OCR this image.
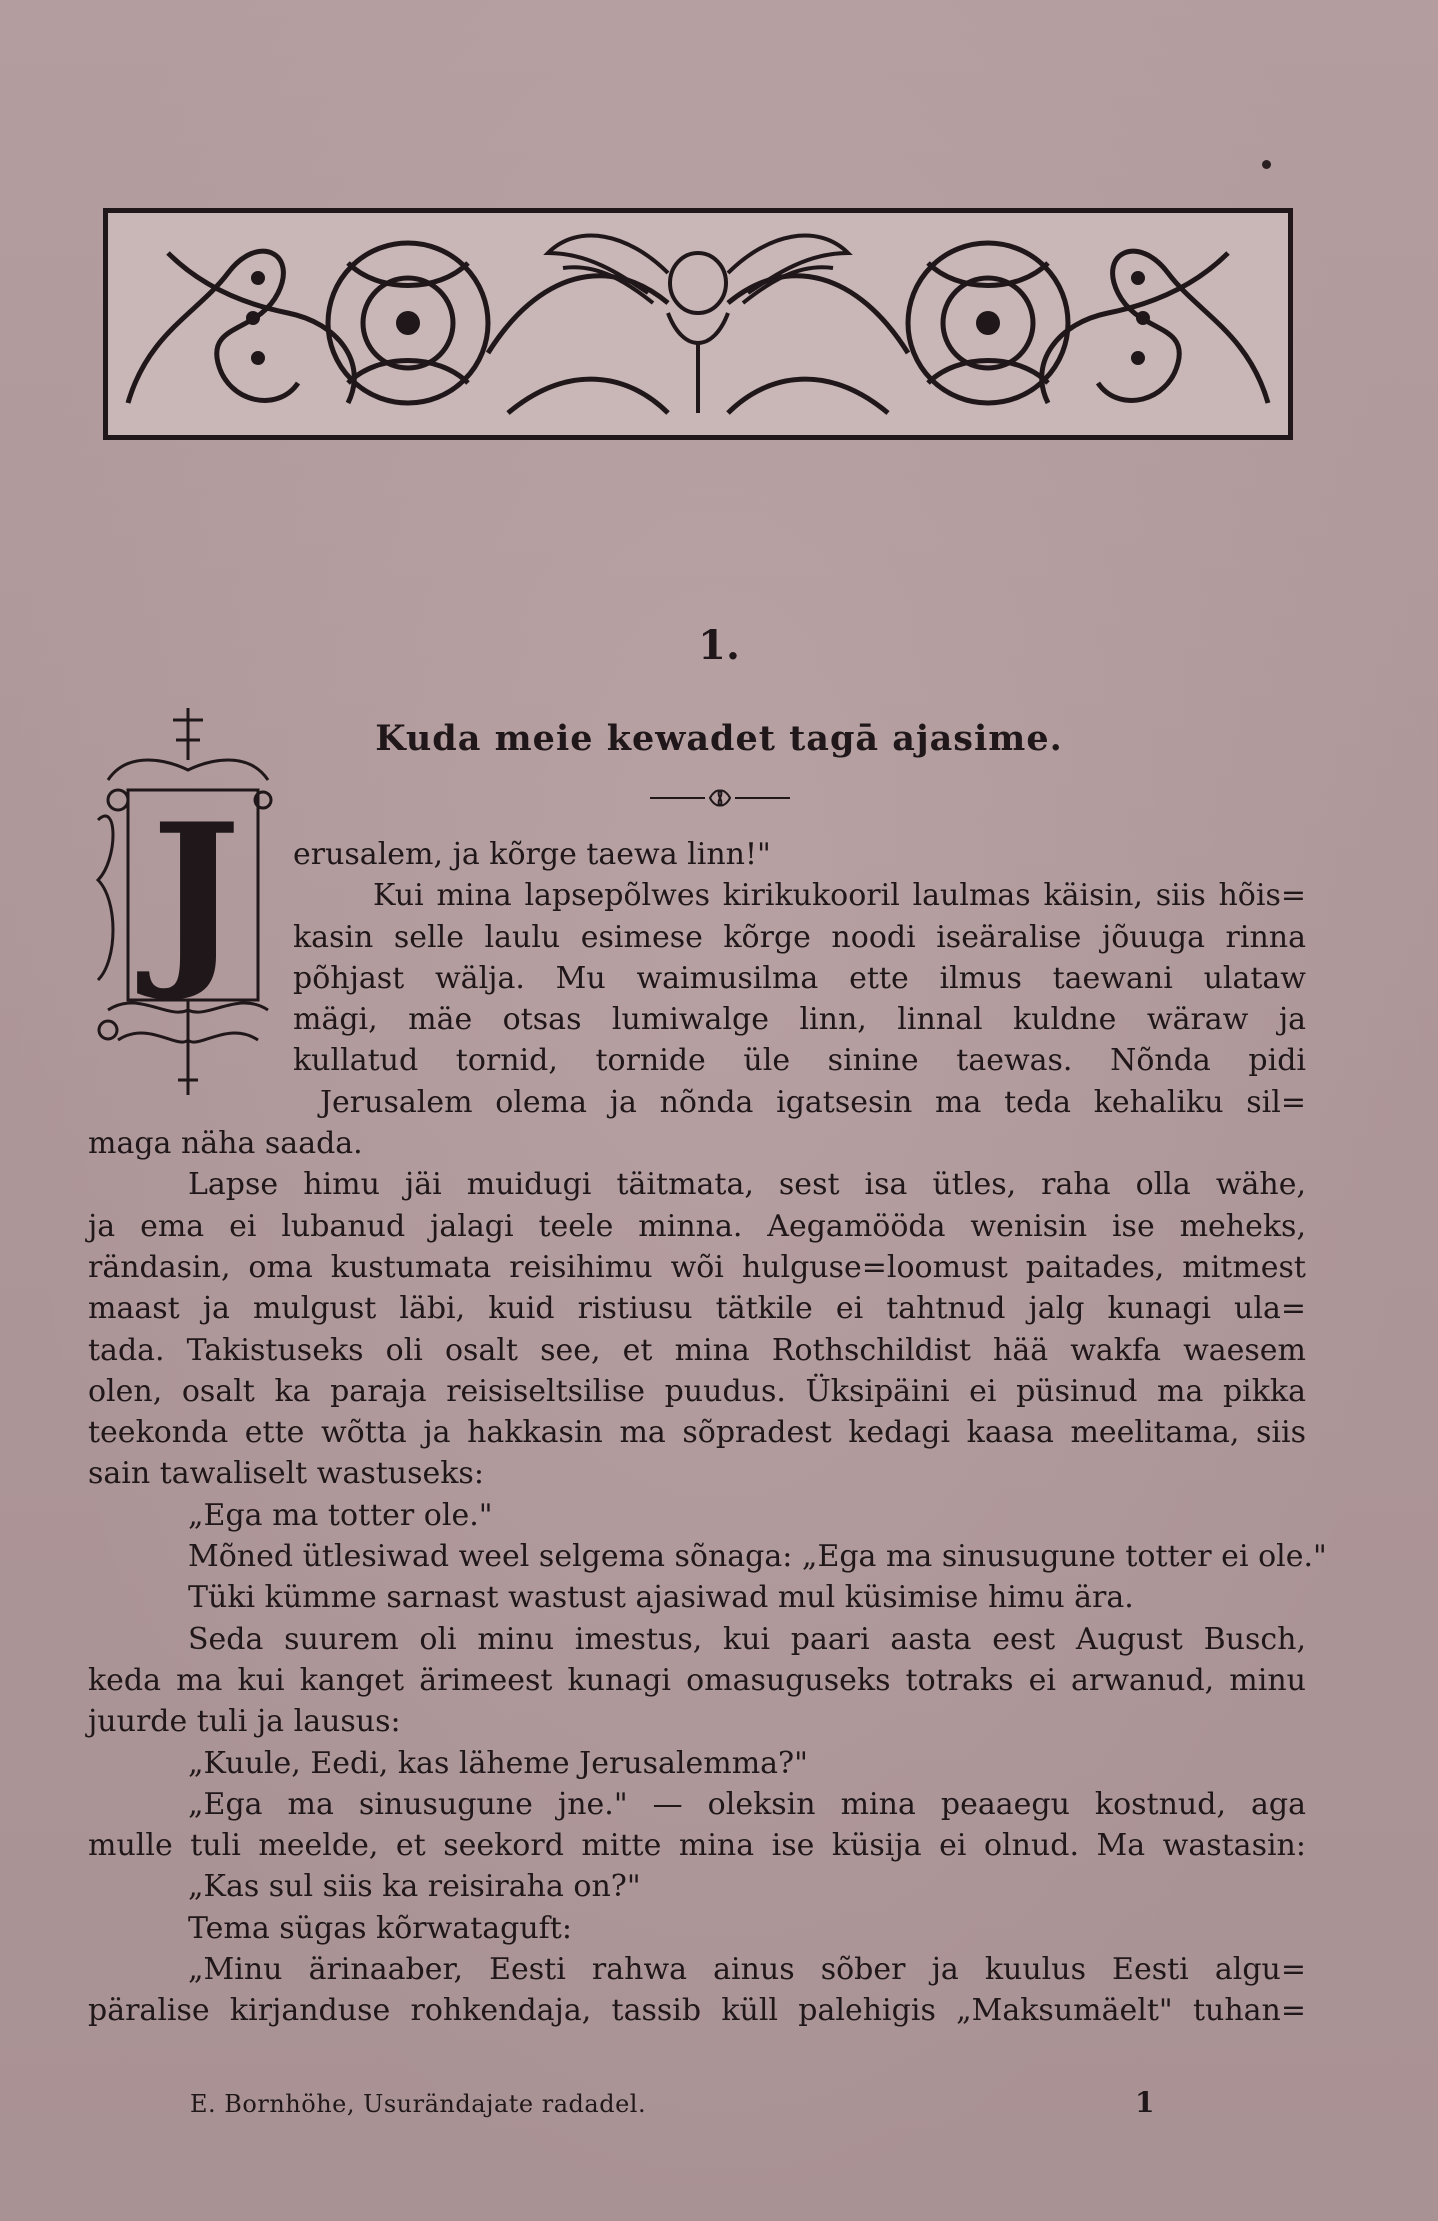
1.
Kuda meie kewadet tagā ajasime.
J	erusalem, ja kõrge taewa linn!"
Kui mina lapsepõlwes kirikukooril laulmas käisin, siis hõis=
kasin selle laulu esimese kõrge noodi iseäralise jõuuga rinna
põhjast wälja. Mu waimusilma ette ilmus taewani ulataw
mägi, mäe otsas lumiwalge linn, linnal kuldne wäraw ja
kullatud tornid, tornide üle sinine taewas. Nõnda pidi
Jerusalem olema ja nõnda igatsesin ma teda kehaliku sil=
maga näha saada.
Lapse himu jäi muidugi täitmata, sest isa ütles, raha olla wähe,
ja ema ei lubanud jalagi teele minna. Aegamööda wenisin ise meheks,
rändasin, oma kustumata reisihimu wõi hulguse=loomust paitades, mitmest
maast ja mulgust läbi, kuid ristiusu tätkile ei tahtnud jalg kunagi ula=
tada. Takistuseks oli osalt see, et mina Rothschildist hää wakfa waesem
olen, osalt ka paraja reisiseltsilise puudus. Üksipäini ei püsinud ma pikka
teekonda ette wõtta ja hakkasin ma sõpradest kedagi kaasa meelitama, siis
sain tawaliselt wastuseks:
„Ega ma totter ole."
Mõned ütlesiwad weel selgema sõnaga: „Ega ma sinusugune totter ei ole."
Tüki kümme sarnast wastust ajasiwad mul küsimise himu ära.
Seda suurem oli minu imestus, kui paari aasta eest August Busch,
keda ma kui kanget ärimeest kunagi omasuguseks totraks ei arwanud, minu
juurde tuli ja lausus:
„Kuule, Eedi, kas läheme Jerusalemma?"
„Ega ma sinusugune jne." — oleksin mina peaaegu kostnud, aga
mulle tuli meelde, et seekord mitte mina ise küsija ei olnud. Ma wastasin:
„Kas sul siis ka reisiraha on?"
Tema sügas kõrwataguft:
„Minu ärinaaber, Eesti rahwa ainus sõber ja kuulus Eesti algu=
päralise kirjanduse rohkendaja, tassib küll palehigis „Maksumäelt" tuhan=
E. Bornhöhe, Usurändajate radadel.	1
